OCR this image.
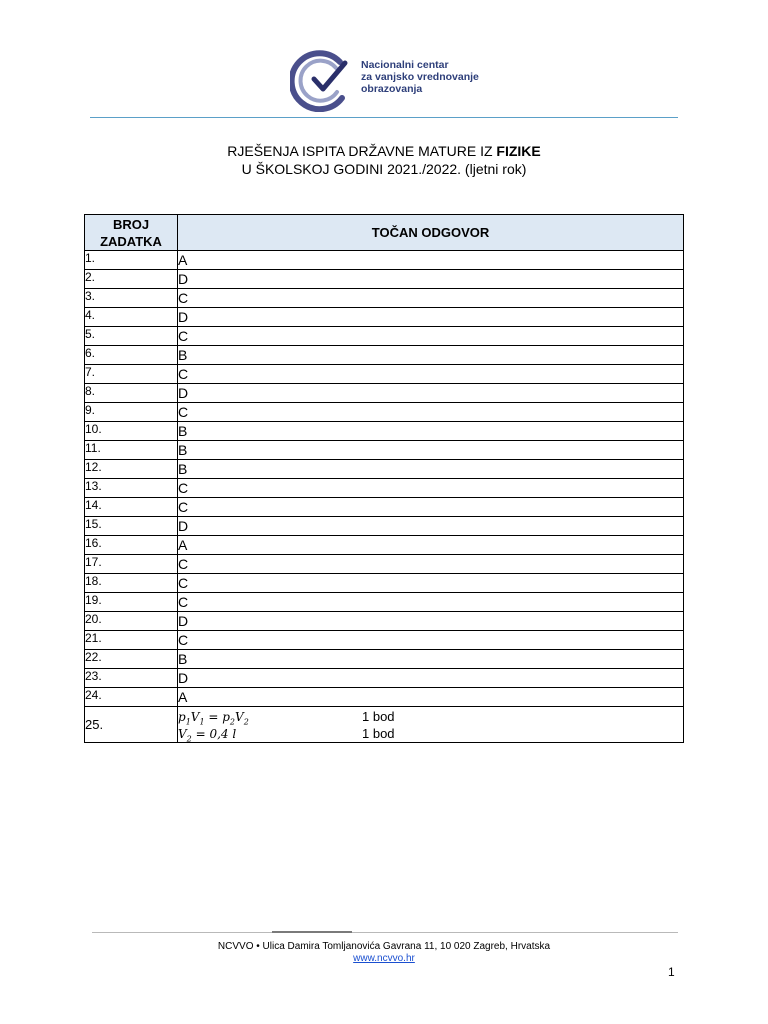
Nacionalni centar
za vanjsko vrednovanje
obrazovanja
RJEŠENJA ISPITA DRŽAVNE MATURE IZ FIZIKE
U ŠKOLSKOJ GODINI 2021./2022. (ljetni rok)
BROJ ZADATKA	TOČAN ODGOVOR
1.	A
2.	D
3.	C
4.	D
5.	C
6.	B
7.	C
8.	D
9.	C
10.	B
11.	B
12.	B
13.	C
14.	C
15.	D
16.	A
17.	C
18.	C
19.	C
20.	D
21.	C
22.	B
23.	D
24.	A
25.	$p_1V_1 = p_2V_2$ 1 bod
$V_2 = 0,4$ l 1 bod
NCVVO • Ulica Damira Tomljanovića Gavrana 11, 10 020 Zagreb, Hrvatska
www.ncvvo.hr
1
